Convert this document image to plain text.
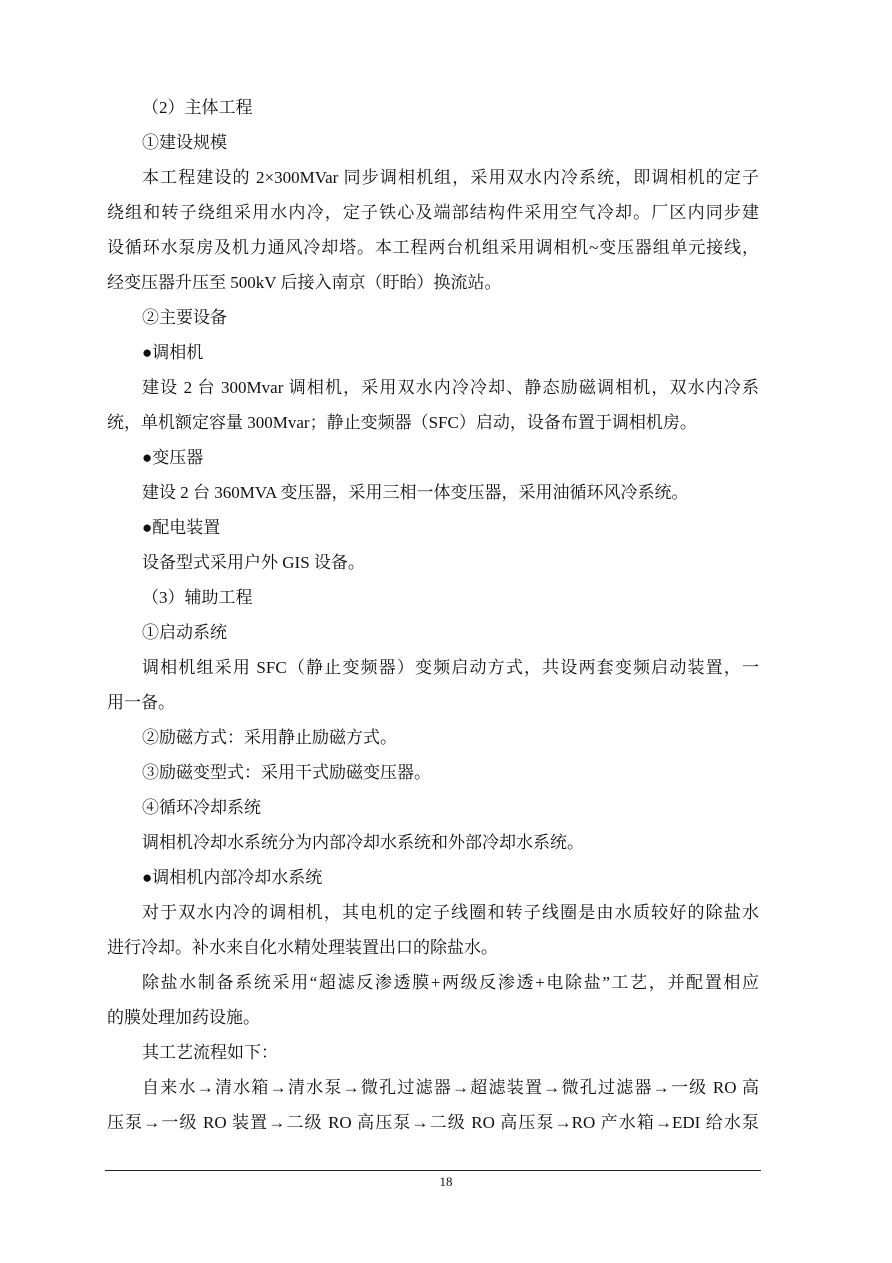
（2）主体工程

①建设规模

本工程建设的 2×300MVar 同步调相机组，采用双水内冷系统，即调相机的定子

绕组和转子绕组采用水内冷，定子铁心及端部结构件采用空气冷却。厂区内同步建

设循环水泵房及机力通风冷却塔。本工程两台机组采用调相机~变压器组单元接线，

经变压器升压至 500kV 后接入南京（盱眙）换流站。

②主要设备

●调相机

建设 2 台 300Mvar 调相机，采用双水内冷冷却、静态励磁调相机，双水内冷系

统，单机额定容量 300Mvar；静止变频器（SFC）启动，设备布置于调相机房。

●变压器

建设 2 台 360MVA 变压器，采用三相一体变压器，采用油循环风冷系统。

●配电装置

设备型式采用户外 GIS 设备。

（3）辅助工程

①启动系统

调相机组采用 SFC（静止变频器）变频启动方式，共设两套变频启动装置，一

用一备。

②励磁方式：采用静止励磁方式。

③励磁变型式：采用干式励磁变压器。

④循环冷却系统

调相机冷却水系统分为内部冷却水系统和外部冷却水系统。

●调相机内部冷却水系统

对于双水内冷的调相机，其电机的定子线圈和转子线圈是由水质较好的除盐水

进行冷却。补水来自化水精处理装置出口的除盐水。

除盐水制备系统采用“超滤反渗透膜+两级反渗透+电除盐”工艺，并配置相应

的膜处理加药设施。

其工艺流程如下：

自来水→清水箱→清水泵→微孔过滤器→超滤装置→微孔过滤器→一级 RO 高

压泵→一级 RO 装置→二级 RO 高压泵→二级 RO 高压泵→RO 产水箱→EDI 给水泵

18
